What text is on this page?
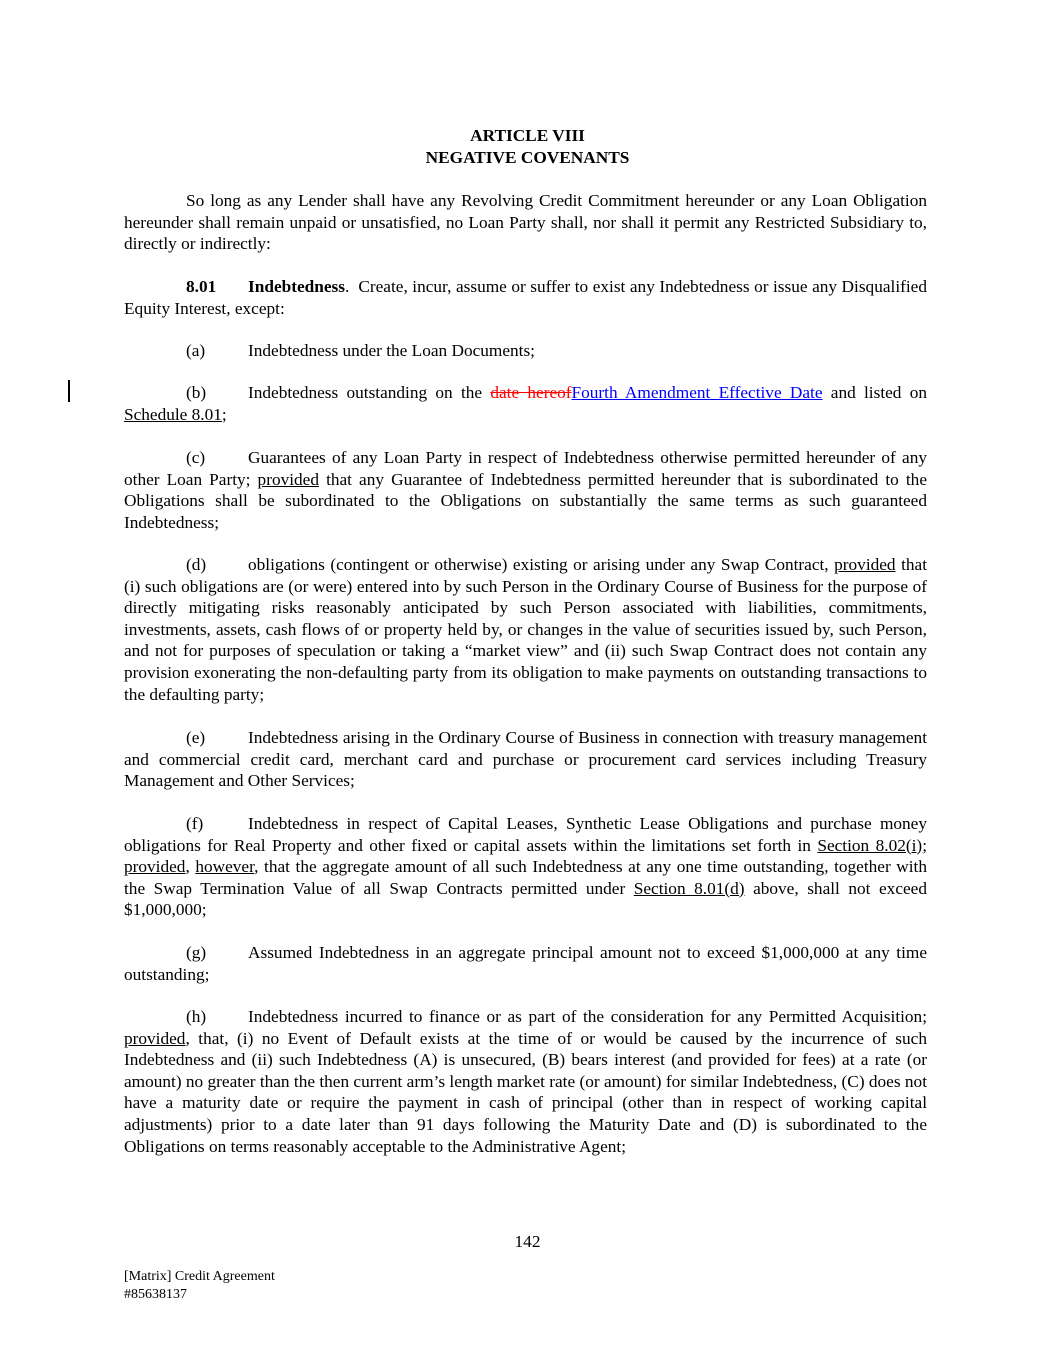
ARTICLE VIII
NEGATIVE COVENANTS

So long as any Lender shall have any Revolving Credit Commitment hereunder or any Loan Obligation hereunder shall remain unpaid or unsatisfied, no Loan Party shall, nor shall it permit any Restricted Subsidiary to, directly or indirectly:

8.01 Indebtedness.  Create, incur, assume or suffer to exist any Indebtedness or issue any Disqualified Equity Interest, except:

(a) Indebtedness under the Loan Documents;

(b) Indebtedness outstanding on the date hereofFourth Amendment Effective Date and listed on Schedule 8.01;

(c) Guarantees of any Loan Party in respect of Indebtedness otherwise permitted hereunder of any other Loan Party; provided that any Guarantee of Indebtedness permitted hereunder that is subordinated to the Obligations shall be subordinated to the Obligations on substantially the same terms as such guaranteed Indebtedness;

(d) obligations (contingent or otherwise) existing or arising under any Swap Contract, provided that (i) such obligations are (or were) entered into by such Person in the Ordinary Course of Business for the purpose of directly mitigating risks reasonably anticipated by such Person associated with liabilities, commitments, investments, assets, cash flows of or property held by, or changes in the value of securities issued by, such Person, and not for purposes of speculation or taking a “market view” and (ii) such Swap Contract does not contain any provision exonerating the non-defaulting party from its obligation to make payments on outstanding transactions to the defaulting party;

(e) Indebtedness arising in the Ordinary Course of Business in connection with treasury management and commercial credit card, merchant card and purchase or procurement card services including Treasury Management and Other Services;

(f)	Indebtedness in respect of Capital Leases, Synthetic Lease Obligations and purchase money obligations for Real Property and other fixed or capital assets within the limitations set forth in Section 8.02(i); provided, however, that the aggregate amount of all such Indebtedness at any one time outstanding, together with the Swap Termination Value of all Swap Contracts permitted under Section 8.01(d) above, shall not exceed $1,000,000;

(g) Assumed Indebtedness in an aggregate principal amount not to exceed $1,000,000 at any time outstanding;

(h) Indebtedness incurred to finance or as part of the consideration for any Permitted Acquisition; provided, that, (i) no Event of Default exists at the time of or would be caused by the incurrence of such Indebtedness and (ii) such Indebtedness (A) is unsecured, (B) bears interest (and provided for fees) at a rate (or amount) no greater than the then current arm’s length market rate (or amount) for similar Indebtedness, (C) does not have a maturity date or require the payment in cash of principal (other than in respect of working capital adjustments) prior to a date later than 91 days following the Maturity Date and (D) is subordinated to the Obligations on terms reasonably acceptable to the Administrative Agent;

142
[Matrix] Credit Agreement
#85638137
